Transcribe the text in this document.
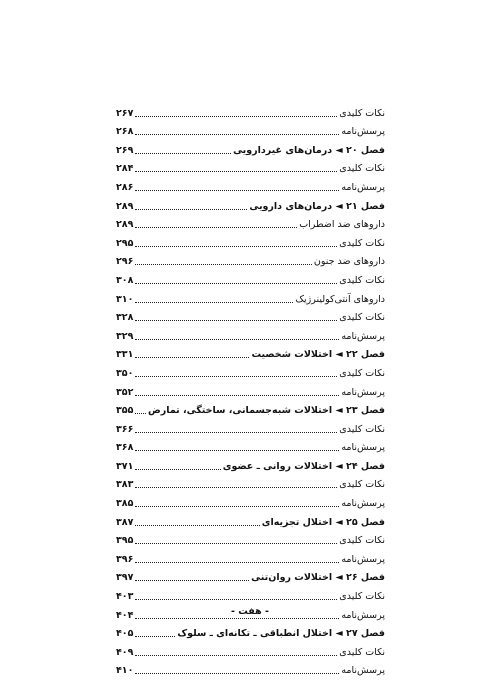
نکات کلیدی
۲۶۷
پرسش‌نامه
۲۶۸
فصل ۲۰ ◄ درمان‌های غیردارویی
۲۶۹
نکات کلیدی
۲۸۴
پرسش‌نامه
۲۸۶
فصل ۲۱ ◄ درمان‌های دارویی
۲۸۹
داروهای ضد اضطراب
۲۸۹
نکات کلیدی
۲۹۵
داروهای ضد جنون
۲۹۶
نکات کلیدی
۳۰۸
داروهای آنتی‌کولینرژیک
۳۱۰
نکات کلیدی
۳۲۸
پرسش‌نامه
۳۲۹
فصل ۲۲ ◄ اختلالات شخصیت
۳۳۱
نکات کلیدی
۳۵۰
پرسش‌نامه
۳۵۲
فصل ۲۳ ◄ اختلالات شبه‌جسمانی، ساختگی، تمارض
۳۵۵
نکات کلیدی
۳۶۶
پرسش‌نامه
۳۶۸
فصل ۲۴ ◄ اختلالات روانی ـ عضوی
۳۷۱
نکات کلیدی
۳۸۳
پرسش‌نامه
۳۸۵
فصل ۲۵ ◄ اختلال تجزیه‌ای
۳۸۷
نکات کلیدی
۳۹۵
پرسش‌نامه
۳۹۶
فصل ۲۶ ◄ اختلالات روان‌تنی
۳۹۷
نکات کلیدی
۴۰۳
پرسش‌نامه
۴۰۴
فصل ۲۷ ◄ اختلال انطباقی ـ تکانه‌ای ـ سلوک
۴۰۵
نکات کلیدی
۴۰۹
پرسش‌نامه
۴۱۰
- هفت -
